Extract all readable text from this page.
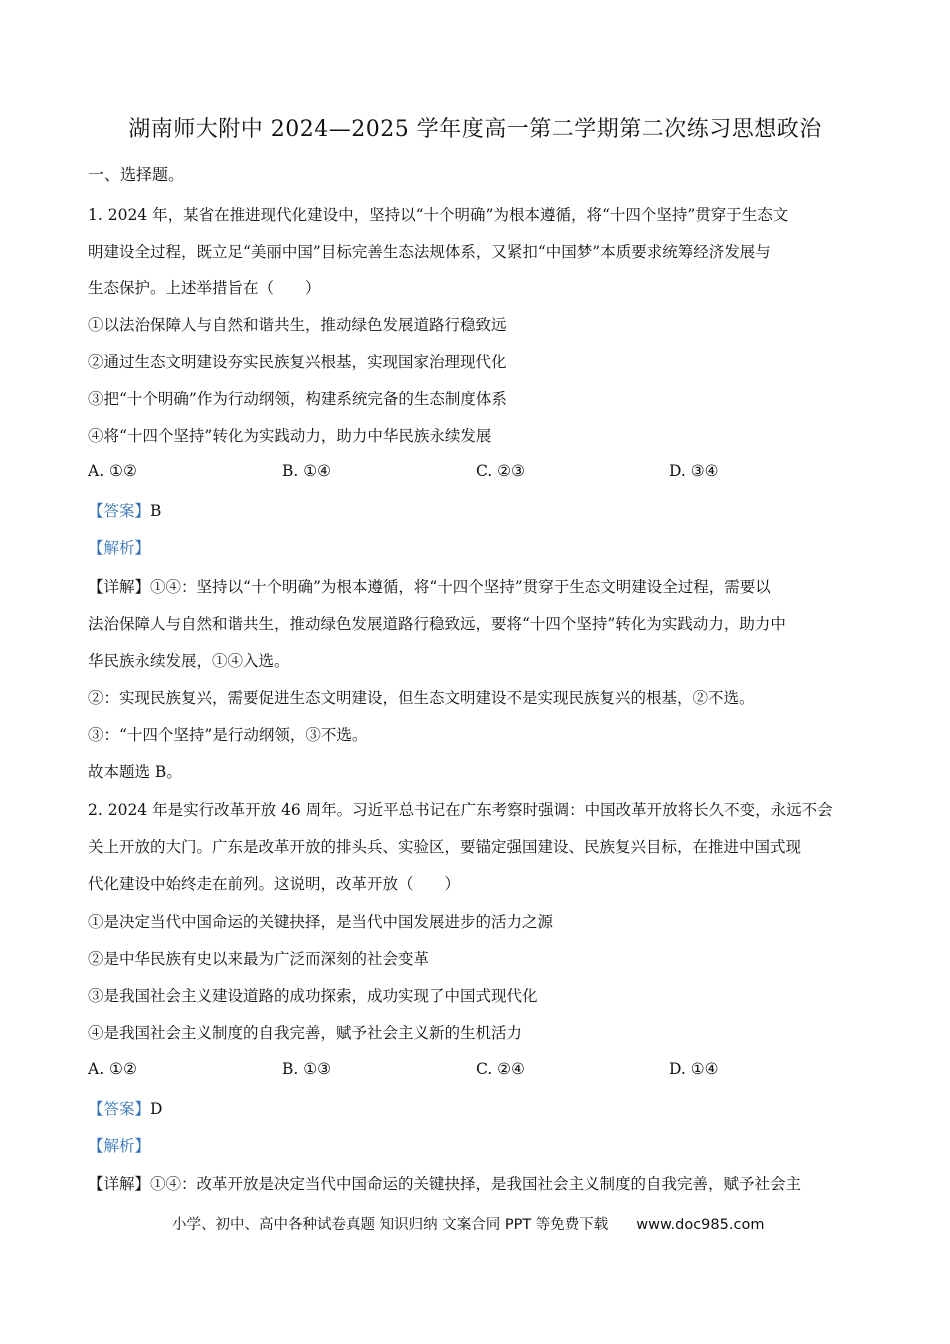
湖南师大附中 2024—2025 学年度高一第二学期第二次练习思想政治
一、选择题。
1. 2024 年，某省在推进现代化建设中，坚持以“十个明确”为根本遵循，将“十四个坚持”贯穿于生态文
明建设全过程，既立足“美丽中国”目标完善生态法规体系，又紧扣“中国梦”本质要求统筹经济发展与
生态保护。上述举措旨在（　　）
①以法治保障人与自然和谐共生，推动绿色发展道路行稳致远
②通过生态文明建设夯实民族复兴根基，实现国家治理现代化
③把“十个明确”作为行动纲领，构建系统完备的生态制度体系
④将“十四个坚持”转化为实践动力，助力中华民族永续发展
A. ①②	B. ①④	C. ②③	D. ③④
【答案】B
【解析】
【详解】①④：坚持以“十个明确”为根本遵循，将“十四个坚持”贯穿于生态文明建设全过程，需要以
法治保障人与自然和谐共生，推动绿色发展道路行稳致远，要将“十四个坚持”转化为实践动力，助力中
华民族永续发展，①④入选。
②：实现民族复兴，需要促进生态文明建设，但生态文明建设不是实现民族复兴的根基，②不选。
③：“十四个坚持”是行动纲领，③不选。
故本题选 B。
2. 2024 年是实行改革开放 46 周年。习近平总书记在广东考察时强调：中国改革开放将长久不变，永远不会
关上开放的大门。广东是改革开放的排头兵、实验区，要锚定强国建设、民族复兴目标，在推进中国式现
代化建设中始终走在前列。这说明，改革开放（　　）
①是决定当代中国命运的关键抉择，是当代中国发展进步的活力之源
②是中华民族有史以来最为广泛而深刻的社会变革
③是我国社会主义建设道路的成功探索，成功实现了中国式现代化
④是我国社会主义制度的自我完善，赋予社会主义新的生机活力
A. ①②	B. ①③	C. ②④	D. ①④
【答案】D
【解析】
【详解】①④：改革开放是决定当代中国命运的关键抉择，是我国社会主义制度的自我完善，赋予社会主
小学、初中、高中各种试卷真题 知识归纳 文案合同 PPT 等免费下载 www.doc985.com
